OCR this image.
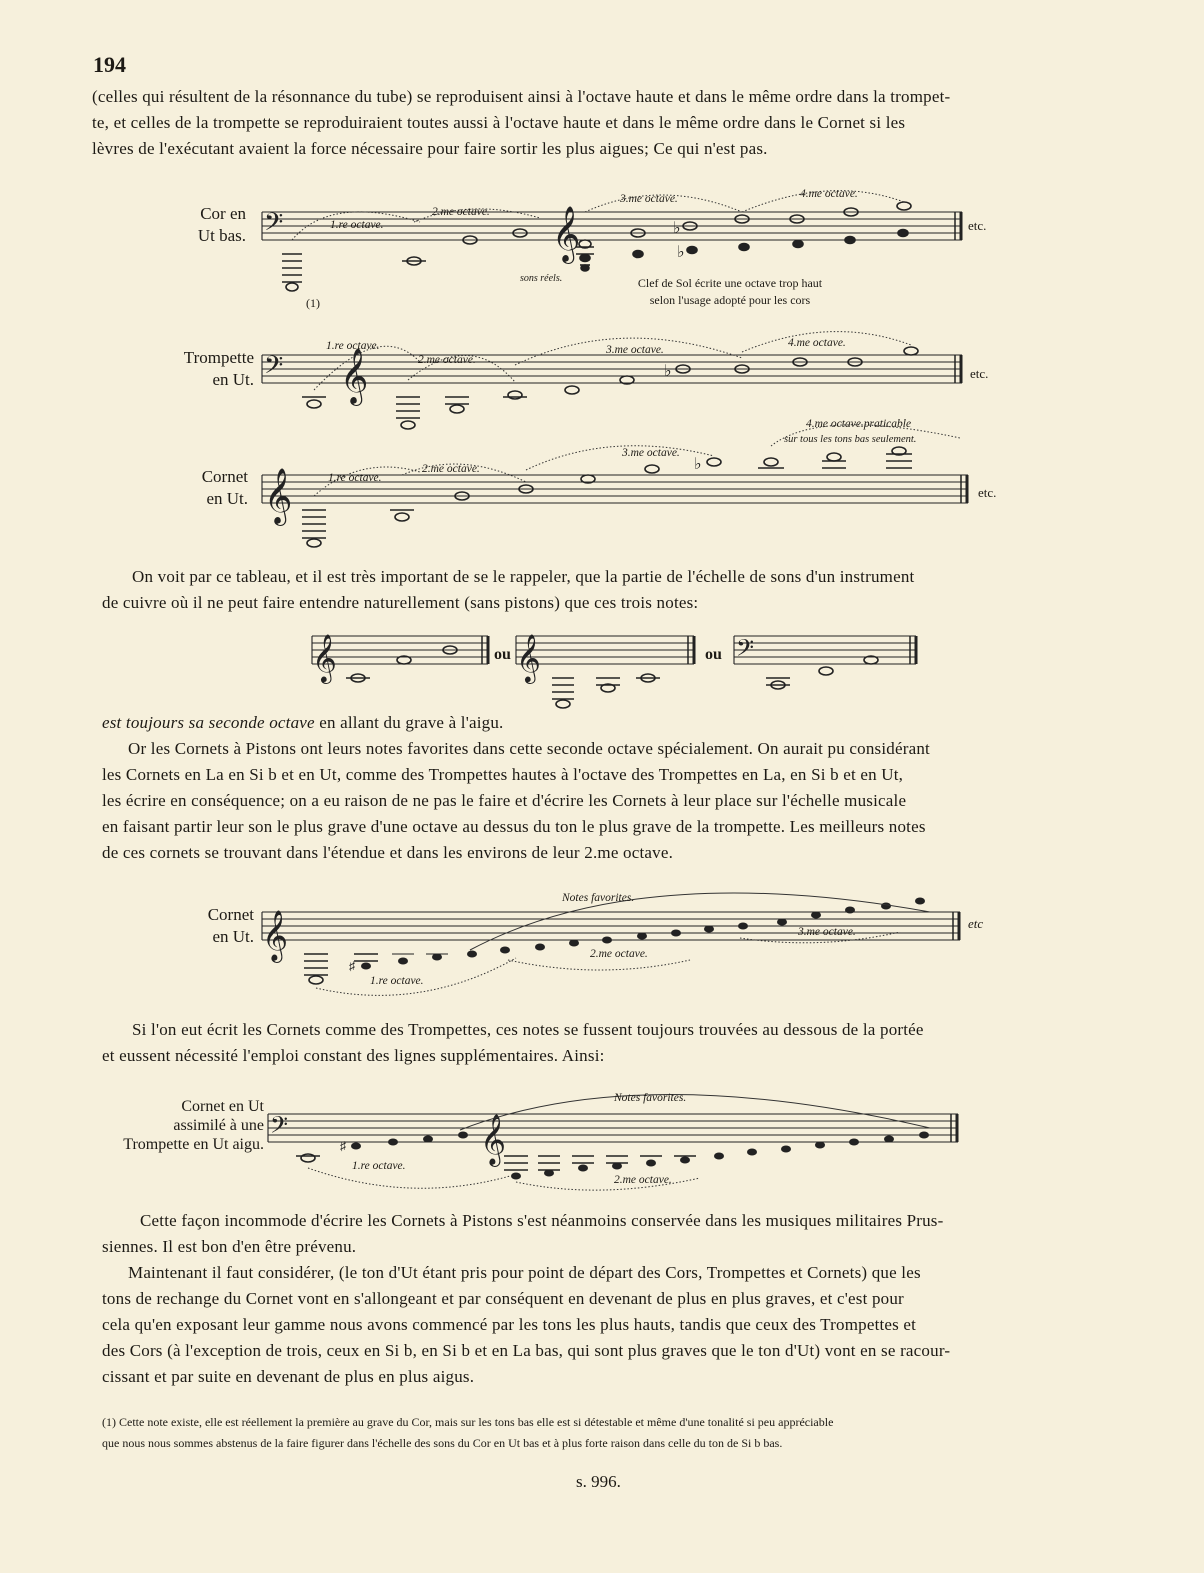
194
(celles qui résultent de la résonnance du tube) se reproduisent ainsi à l'octave haute et dans le même ordre dans la trompet-
te, et celles de la trompette se reproduiraient toutes aussi à l'octave haute et dans le même ordre dans le Cornet si les
lèvres de l'exécutant avaient la force nécessaire pour faire sortir les plus aigues; Ce qui n'est pas.
Cor en
Ut bas.
Trompette
en Ut.
Cornet
en Ut.
𝄢	𝄞
𝄢 𝄞
𝄞
♭
♭
♭
♭
(1)
1.re octave.
2.me octave.
3.me octave.	4.me octave.
sons réels.	Clef de Sol écrite une octave trop haut
selon l'usage adopté pour les cors
etc.
1.re octave.
2.me octave.
3.me octave.
4.me octave.
etc.
1.re octave.
2.me octave.
3.me octave.
4.me octave.praticable
sur tous les tons bas seulement.
etc.
On voit par ce tableau, et il est très important de se le rappeler, que la partie de l'échelle de sons d'un instrument
de cuivre où il ne peut faire entendre naturellement (sans pistons) que ces trois notes:
𝄞	𝄞	𝄢
ou	ou
est toujours sa seconde octave en allant du grave à l'aigu.
Or les Cornets à Pistons ont leurs notes favorites dans cette seconde octave spécialement. On aurait pu considérant
les Cornets en La en Si b et en Ut, comme des Trompettes hautes à l'octave des Trompettes en La, en Si b et en Ut,
les écrire en conséquence; on a eu raison de ne pas le faire et d'écrire les Cornets à leur place sur l'échelle musicale
en faisant partir leur son le plus grave d'une octave au dessus du ton le plus grave de la trompette. Les meilleurs notes
de ces cornets se trouvant dans l'étendue et dans les environs de leur 2.me octave.
Cornet
en Ut. 𝄞
♯
Notes favorites.
1.re octave.
2.me octave.
3.me octave.
etc
Si l'on eut écrit les Cornets comme des Trompettes, ces notes se fussent toujours trouvées au dessous de la portée
et eussent nécessité l'emploi constant des lignes supplémentaires. Ainsi:
Cornet en Ut
assimilé à une
Trompette en Ut aigu.
𝄢	𝄞
♯
Notes favorites.
1.re octave.
2.me octave.
Cette façon incommode d'écrire les Cornets à Pistons s'est néanmoins conservée dans les musiques militaires Prus-
siennes. Il est bon d'en être prévenu.
Maintenant il faut considérer, (le ton d'Ut étant pris pour point de départ des Cors, Trompettes et Cornets) que les
tons de rechange du Cornet vont en s'allongeant et par conséquent en devenant de plus en plus graves, et c'est pour
cela qu'en exposant leur gamme nous avons commencé par les tons les plus hauts, tandis que ceux des Trompettes et
des Cors (à l'exception de trois, ceux en Si b, en Si b et en La bas, qui sont plus graves que le ton d'Ut) vont en se racour-
cissant et par suite en devenant de plus en plus aigus.
(1) Cette note existe, elle est réellement la première au grave du Cor, mais sur les tons bas elle est si détestable et même d'une tonalité si peu appréciable
que nous nous sommes abstenus de la faire figurer dans l'échelle des sons du Cor en Ut bas et à plus forte raison dans celle du ton de Si b bas.
s. 996.
